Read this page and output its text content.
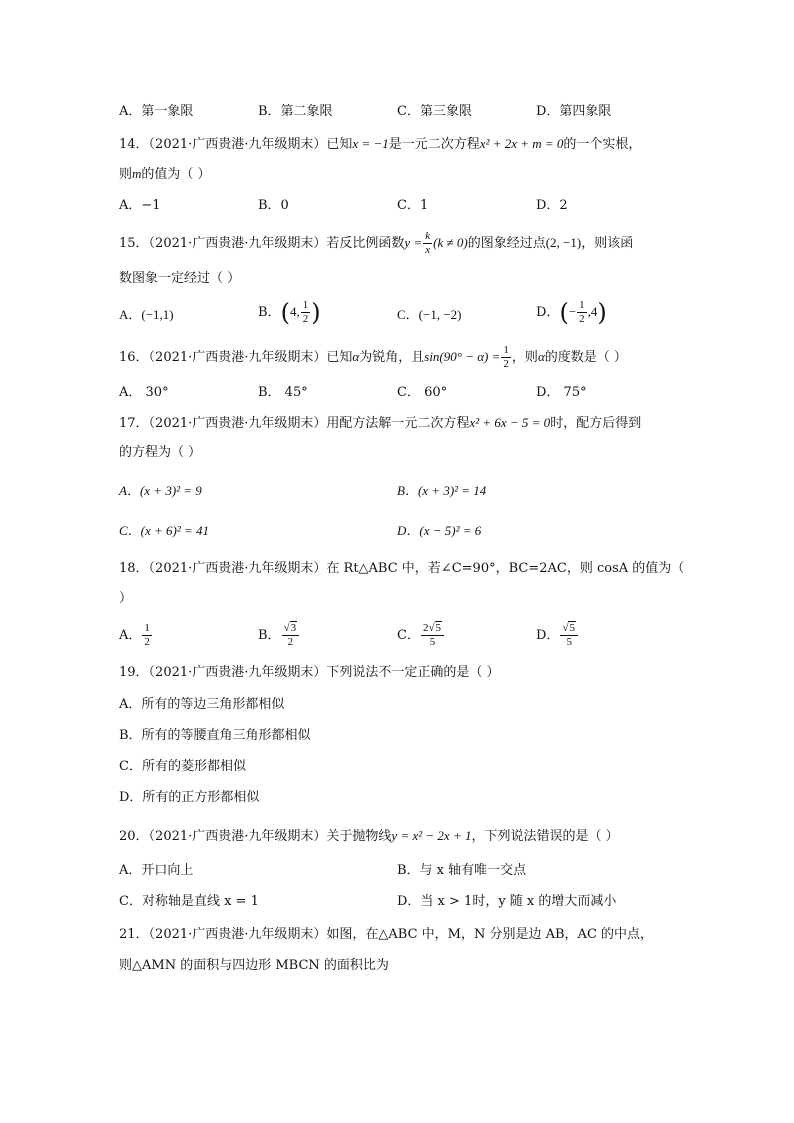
A．第一象限	B．第二象限	C．第三象限	D．第四象限
14．（2021·广西贵港·九年级期末）已知x = −1是一元二次方程x² + 2x + m = 0的一个实根，
则m的值为（ ）
A．−1	B．0	C．1	D．2
15．（2021·广西贵港·九年级期末）若反比例函数$y = \frac{k}{x} (k \ne 0)$的图象经过点(2, −1)，则该函
数图象一定经过（ ）
A．(−1,1)	B．(4, $\frac{1}{2}$ )	C．(−1, −2)	D．(− $\frac{1}{2} ,4$)
16．（2021·广西贵港·九年级期末）已知α为锐角，且$\sin(90^\circ - \alpha) = \frac{1}{2}$ ，则α的度数是（ ）
A． 30°	B． 45°	C． 60°	D． 75°
17．（2021·广西贵港·九年级期末）用配方法解一元二次方程x² + 6x − 5 = 0时，配方后得到
的方程为（ ）
A．(x + 3)² = 9	B．(x + 3)² = 14
C．(x + 6)² = 41	D．(x − 5)² = 6
18．（2021·广西贵港·九年级期末）在 Rt△ABC 中，若∠C=90°，BC=2AC，则 cosA 的值为（
）
A． $\frac{1}{2}$	B． $\frac{√3}{2}$	C． $\frac{2√5}{5}$	D． $\frac{√5}{5}$
19．（2021·广西贵港·九年级期末）下列说法不一定正确的是（ ）
A．所有的等边三角形都相似
B．所有的等腰直角三角形都相似
C．所有的菱形都相似
D．所有的正方形都相似
20．（2021·广西贵港·九年级期末）关于抛物线y = x² − 2x + 1，下列说法错误的是（ ）
A．开口向上	B．与 x 轴有唯一交点
C．对称轴是直线 x = 1	D．当 x > 1时，y 随 x 的增大而减小
21．（2021·广西贵港·九年级期末）如图，在△ABC 中，M，N 分别是边 AB，AC 的中点，
则△AMN 的面积与四边形 MBCN 的面积比为
